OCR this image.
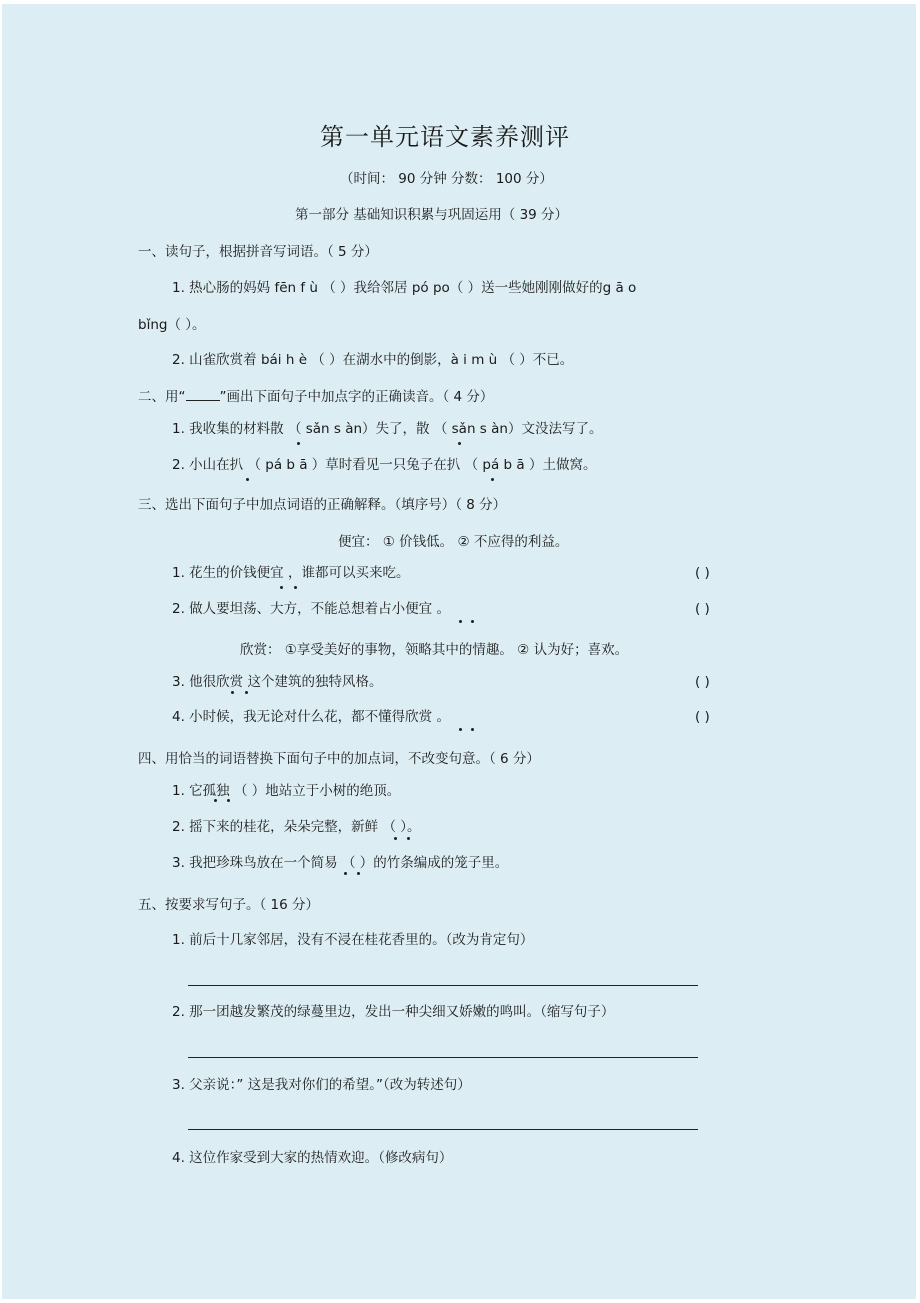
第一单元语文素养测评
（时间： 90 分钟 分数： 100 分）
第一部分 基础知识积累与巩固运用（ 39 分）
一、读句子，根据拼音写词语。（ 5 分）
1. 热心肠的妈妈 fēn f ù （ ）我给邻居 pó po（ ）送一些她刚刚做好的g ā o
bǐng（ ）。
2. 山雀欣赏着 bái h è （ ）在湖水中的倒影，à i m ù （ ）不已。
二、用“	”画出下面句子中加点字的正确读音。（ 4 分）
1. 我收集的材料散 （ sǎn s àn）失了，散 （ sǎn s àn）文没法写了。
2. 小山在扒 （ pá b ā ）草时看见一只兔子在扒 （ pá b ā ）土做窝。
三、选出下面句子中加点词语的正确解释。（填序号）（ 8 分）
便宜： ① 价钱低。 ② 不应得的利益。
1. 花生的价钱便宜 ，谁都可以买来吃。	( )
2. 做人要坦荡、大方，不能总想着占小便宜 。	( )
欣赏： ①享受美好的事物，领略其中的情趣。 ② 认为好；喜欢。
3. 他很欣赏 这个建筑的独特风格。	( )
4. 小时候，我无论对什么花，都不懂得欣赏 。	( )
四、用恰当的词语替换下面句子中的加点词，不改变句意。（ 6 分）
1. 它孤独 （ ）地站立于小树的绝顶。
2. 摇下来的桂花，朵朵完整，新鲜 （ ）。
3. 我把珍珠鸟放在一个简易 （ ）的竹条编成的笼子里。
五、按要求写句子。（ 16 分）
1. 前后十几家邻居，没有不浸在桂花香里的。（改为肯定句）
2. 那一团越发繁茂的绿蔓里边，发出一种尖细又娇嫩的鸣叫。（缩写句子）
3. 父亲说：” 这是我对你们的希望。”（改为转述句）
4. 这位作家受到大家的热情欢迎。（修改病句）
